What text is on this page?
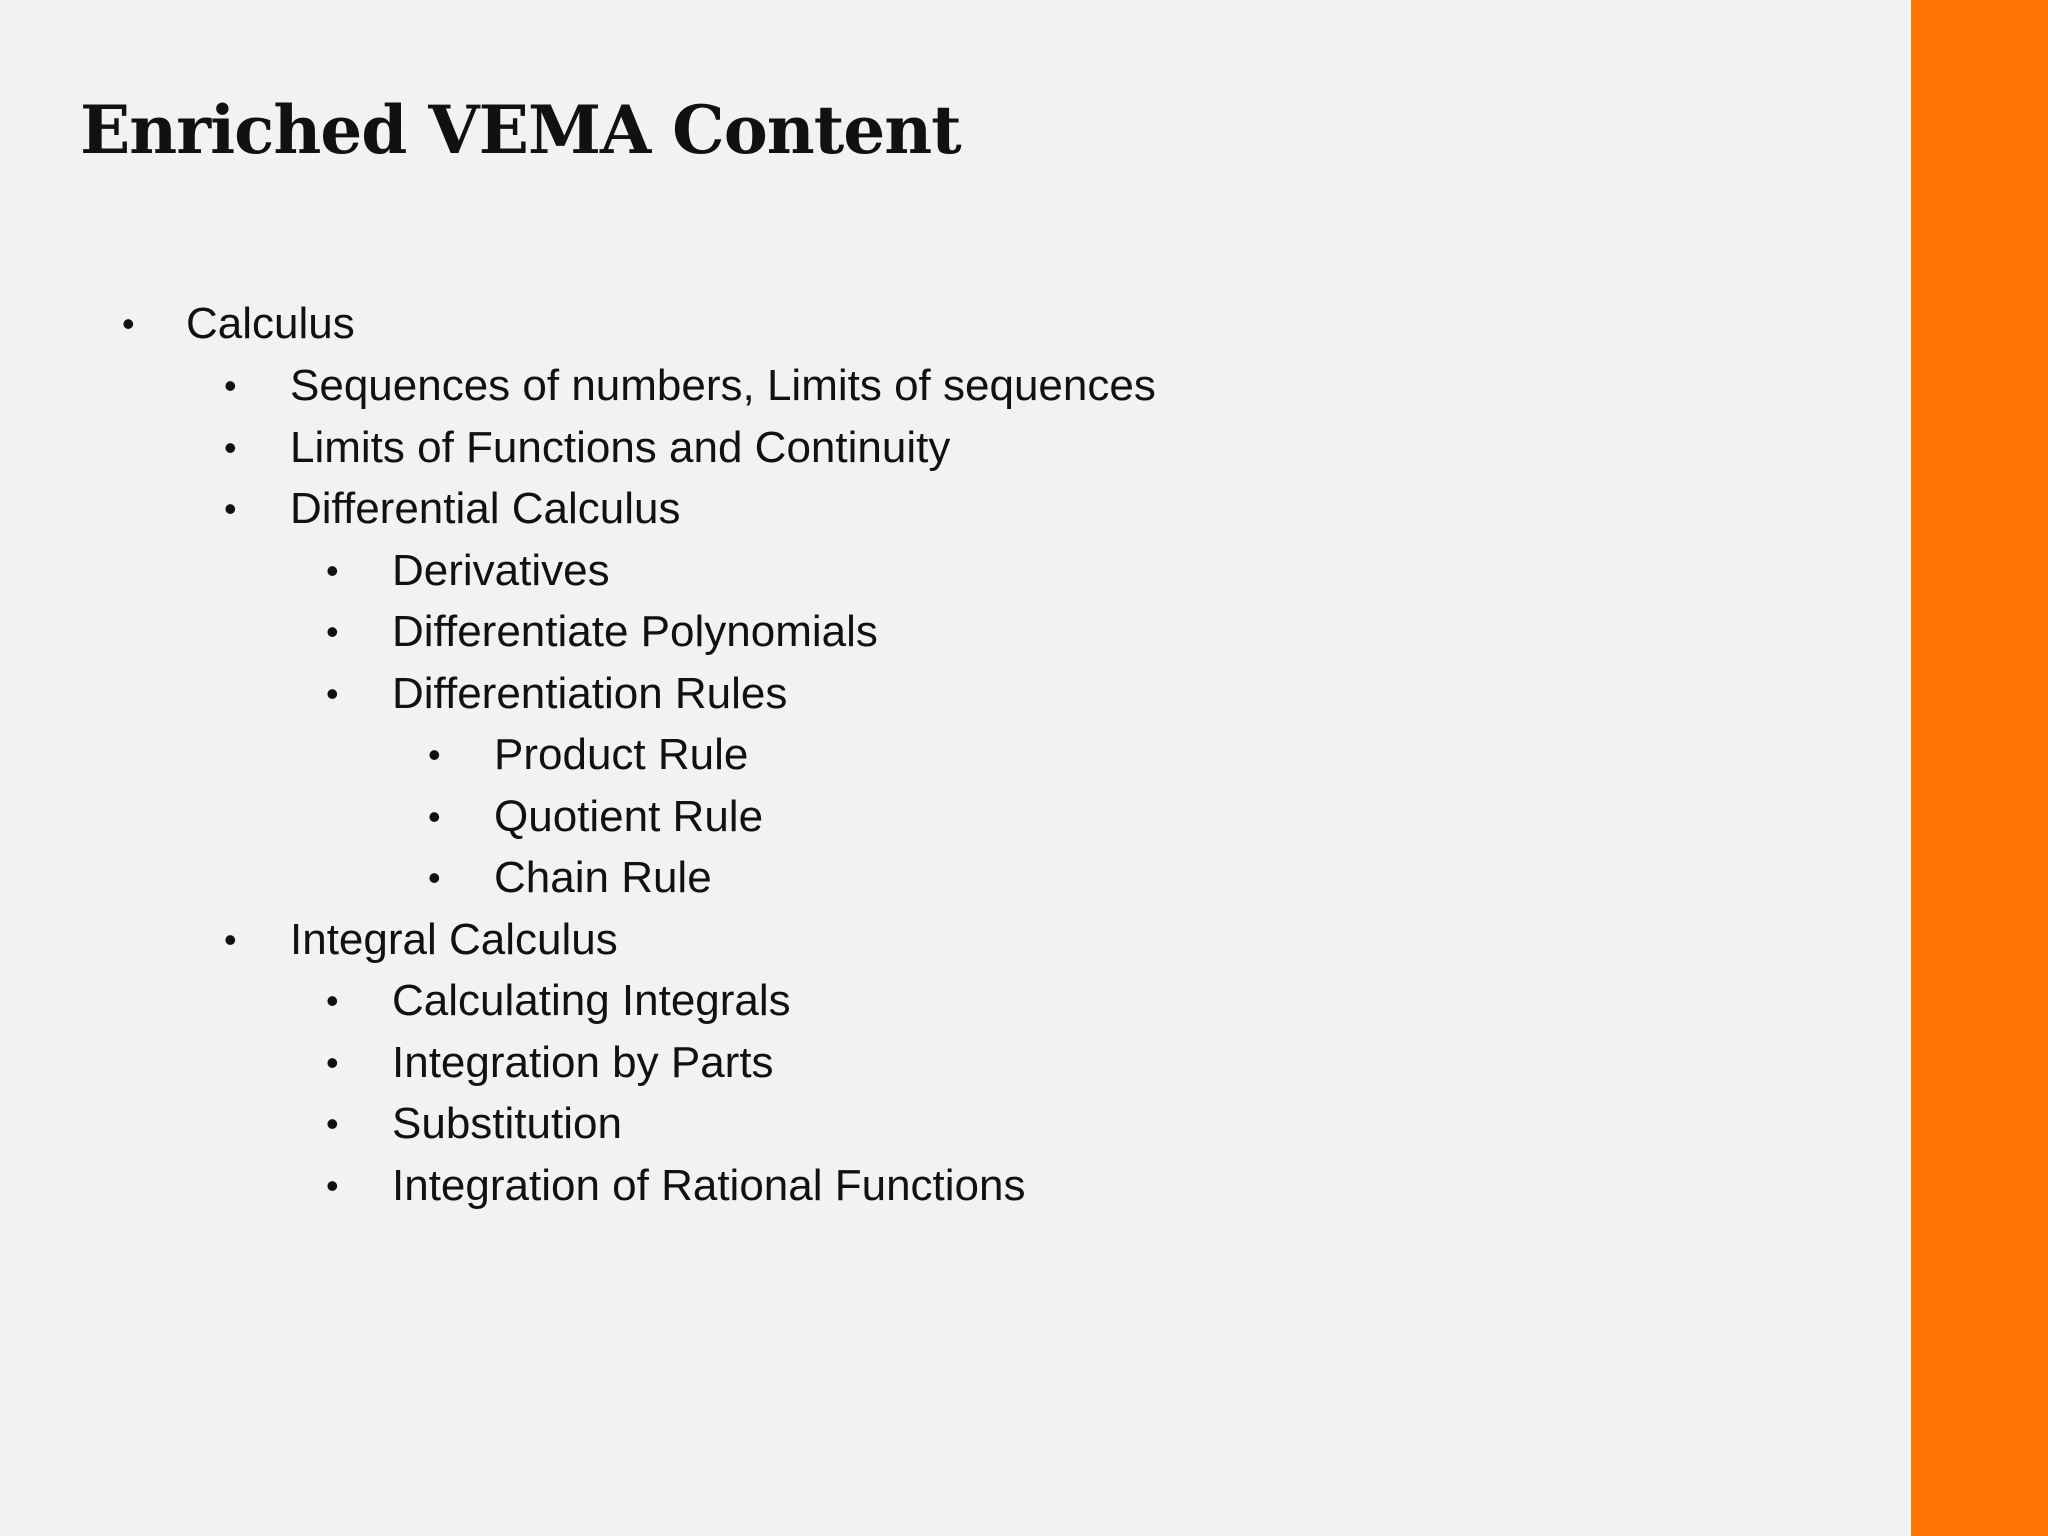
Enriched VEMA Content
• Calculus
• Sequences of numbers, Limits of sequences
• Limits of Functions and Continuity
• Differential Calculus
• Derivatives
• Differentiate Polynomials
• Differentiation Rules
• Product Rule
• Quotient Rule
• Chain Rule
• Integral Calculus
• Calculating Integrals
• Integration by Parts
• Substitution
• Integration of Rational Functions
